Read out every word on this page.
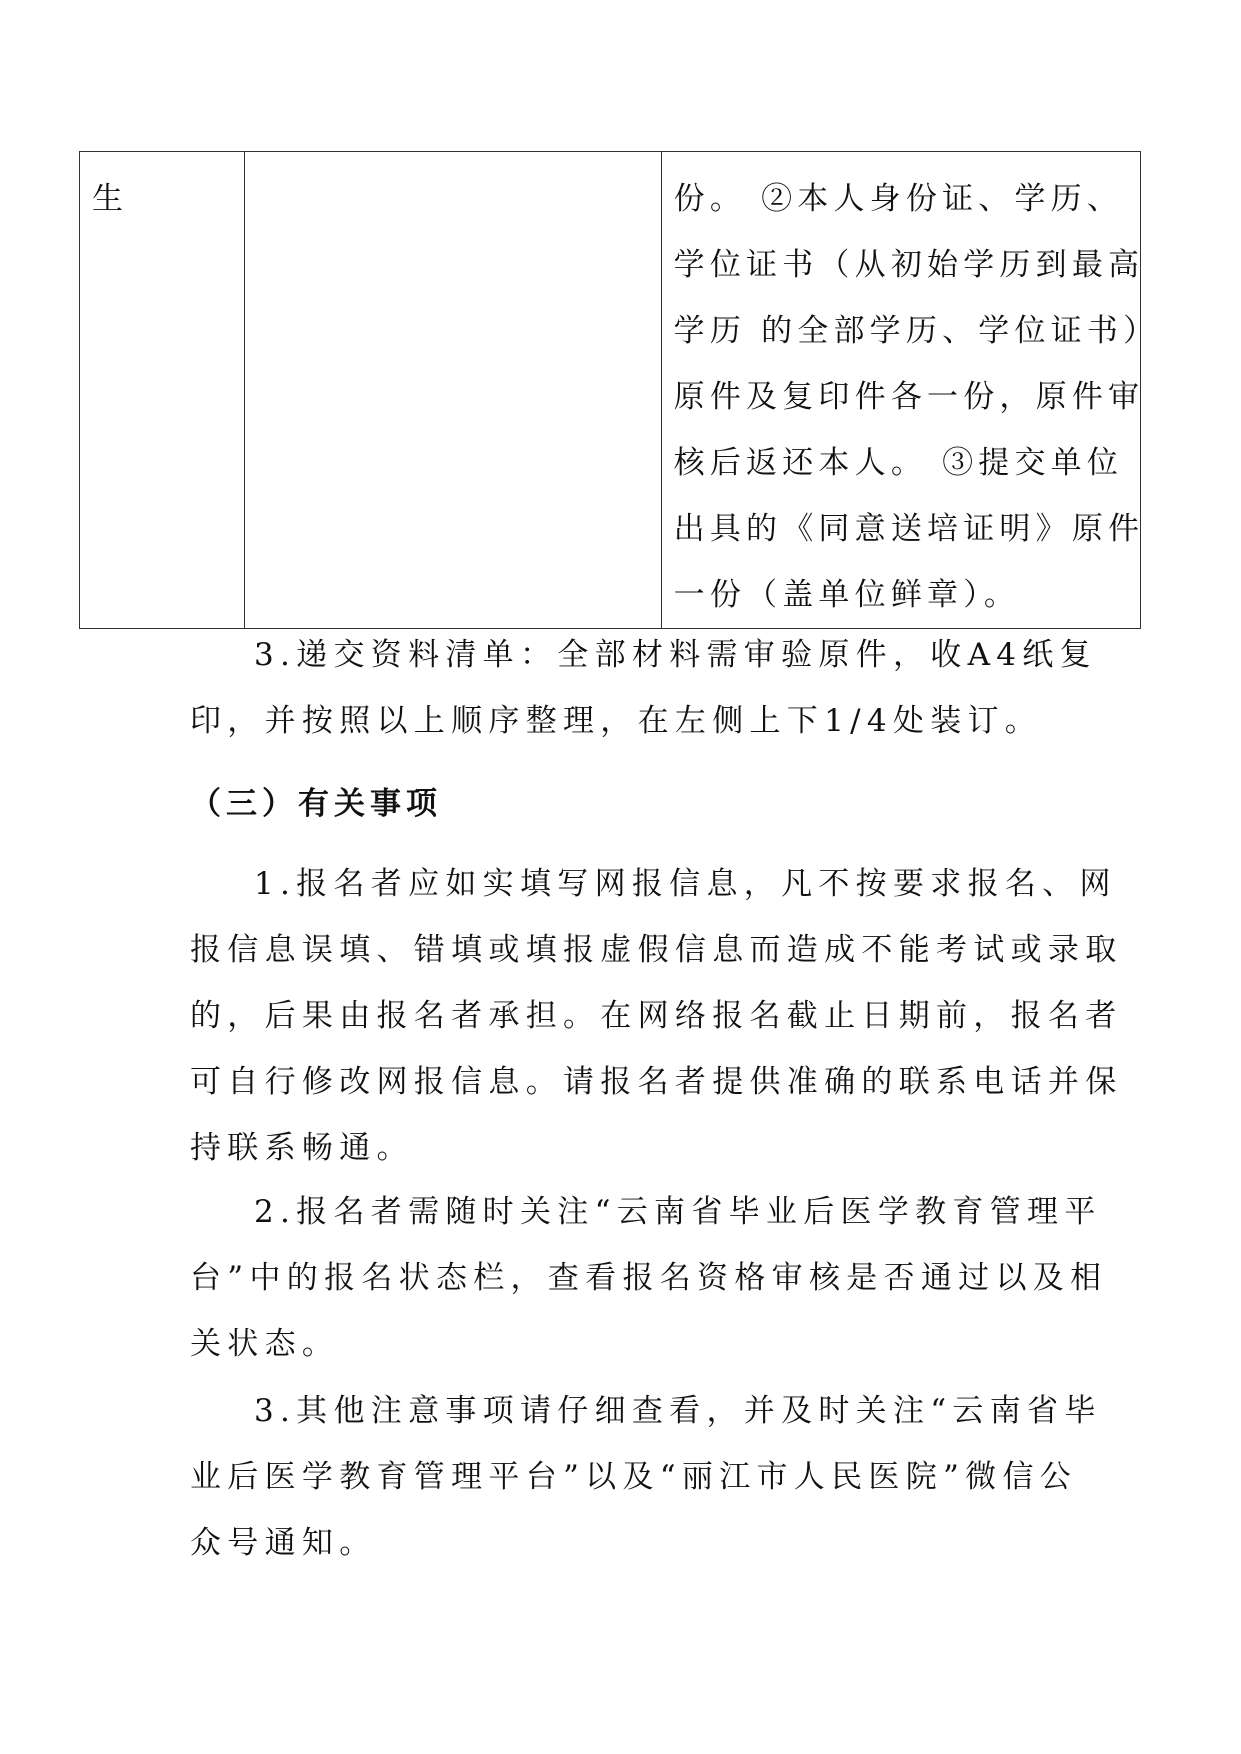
生		份。 ②本人身份证、学历、
学位证书（从初始学历到最高
学历 的全部学历、学位证书）
原件及复印件各一份，原件审
核后返还本人。 ③提交单位
出具的《同意送培证明》原件
一份（盖单位鲜章）。
3.递交资料清单：全部材料需审验原件，收A4纸复
印，并按照以上顺序整理，在左侧上下1/4处装订。
（三）有关事项
1.报名者应如实填写网报信息，凡不按要求报名、网
报信息误填、错填或填报虚假信息而造成不能考试或录取
的，后果由报名者承担。在网络报名截止日期前，报名者
可自行修改网报信息。请报名者提供准确的联系电话并保
持联系畅通。
2.报名者需随时关注“云南省毕业后医学教育管理平
台”中的报名状态栏，查看报名资格审核是否通过以及相
关状态。
3.其他注意事项请仔细查看，并及时关注“云南省毕
业后医学教育管理平台”以及“丽江市人民医院”微信公
众号通知。
